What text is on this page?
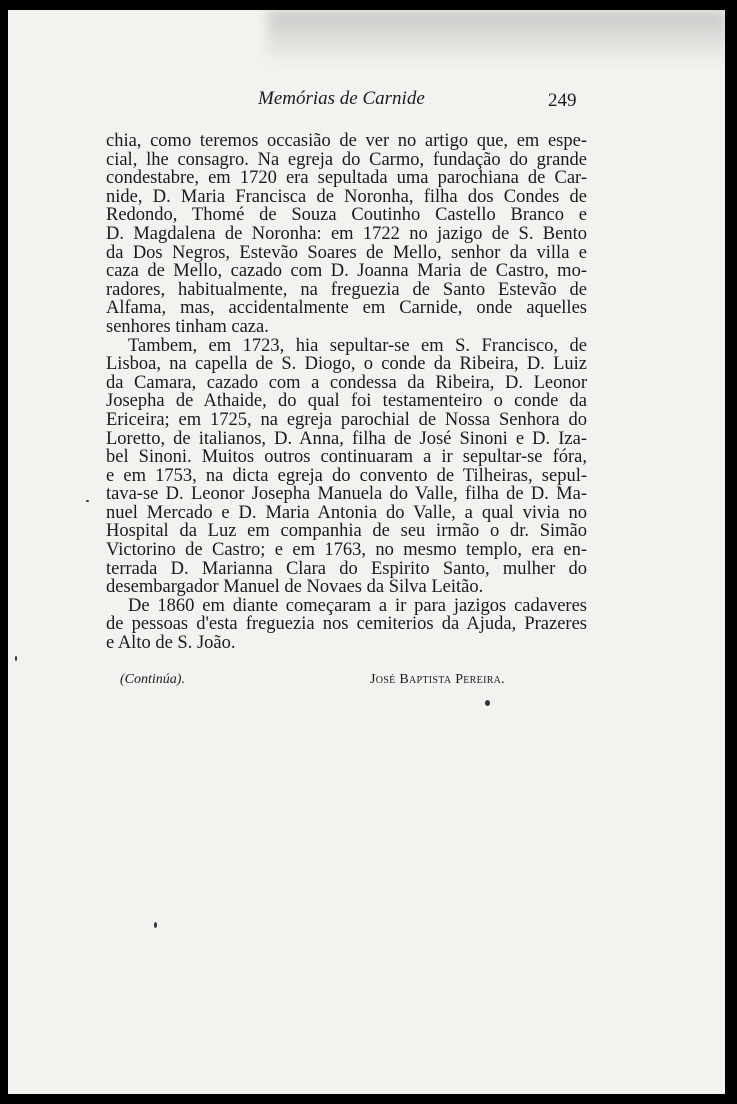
Memórias de Carnide	249

chia, como teremos occasião de ver no artigo que, em espe-
cial, lhe consagro. Na egreja do Carmo, fundação do grande
condestabre, em 1720 era sepultada uma parochiana de Car-
nide, D. Maria Francisca de Noronha, filha dos Condes de
Redondo, Thomé de Souza Coutinho Castello Branco e
D. Magdalena de Noronha: em 1722 no jazigo de S. Bento
da Dos Negros, Estevão Soares de Mello, senhor da villa e
caza de Mello, cazado com D. Joanna Maria de Castro, mo-
radores, habitualmente, na freguezia de Santo Estevão de
Alfama, mas, accidentalmente em Carnide, onde aquelles
senhores tinham caza.

Tambem, em 1723, hia sepultar-se em S. Francisco, de
Lisboa, na capella de S. Diogo, o conde da Ribeira, D. Luiz
da Camara, cazado com a condessa da Ribeira, D. Leonor
Josepha de Athaide, do qual foi testamenteiro o conde da
Ericeira; em 1725, na egreja parochial de Nossa Senhora do
Loretto, de italianos, D. Anna, filha de José Sinoni e D. Iza-
bel Sinoni. Muitos outros continuaram a ir sepultar-se fóra,
e em 1753, na dicta egreja do convento de Tilheiras, sepul-
tava-se D. Leonor Josepha Manuela do Valle, filha de D. Ma-
nuel Mercado e D. Maria Antonia do Valle, a qual vivia no
Hospital da Luz em companhia de seu irmão o dr. Simão
Victorino de Castro; e em 1763, no mesmo templo, era en-
terrada D. Marianna Clara do Espirito Santo, mulher do
desembargador Manuel de Novaes da Silva Leitão.

De 1860 em diante começaram a ir para jazigos cadaveres
de pessoas d'esta freguezia nos cemiterios da Ajuda, Prazeres
e Alto de S. João.

(Continúa).	José Baptista Pereira.
